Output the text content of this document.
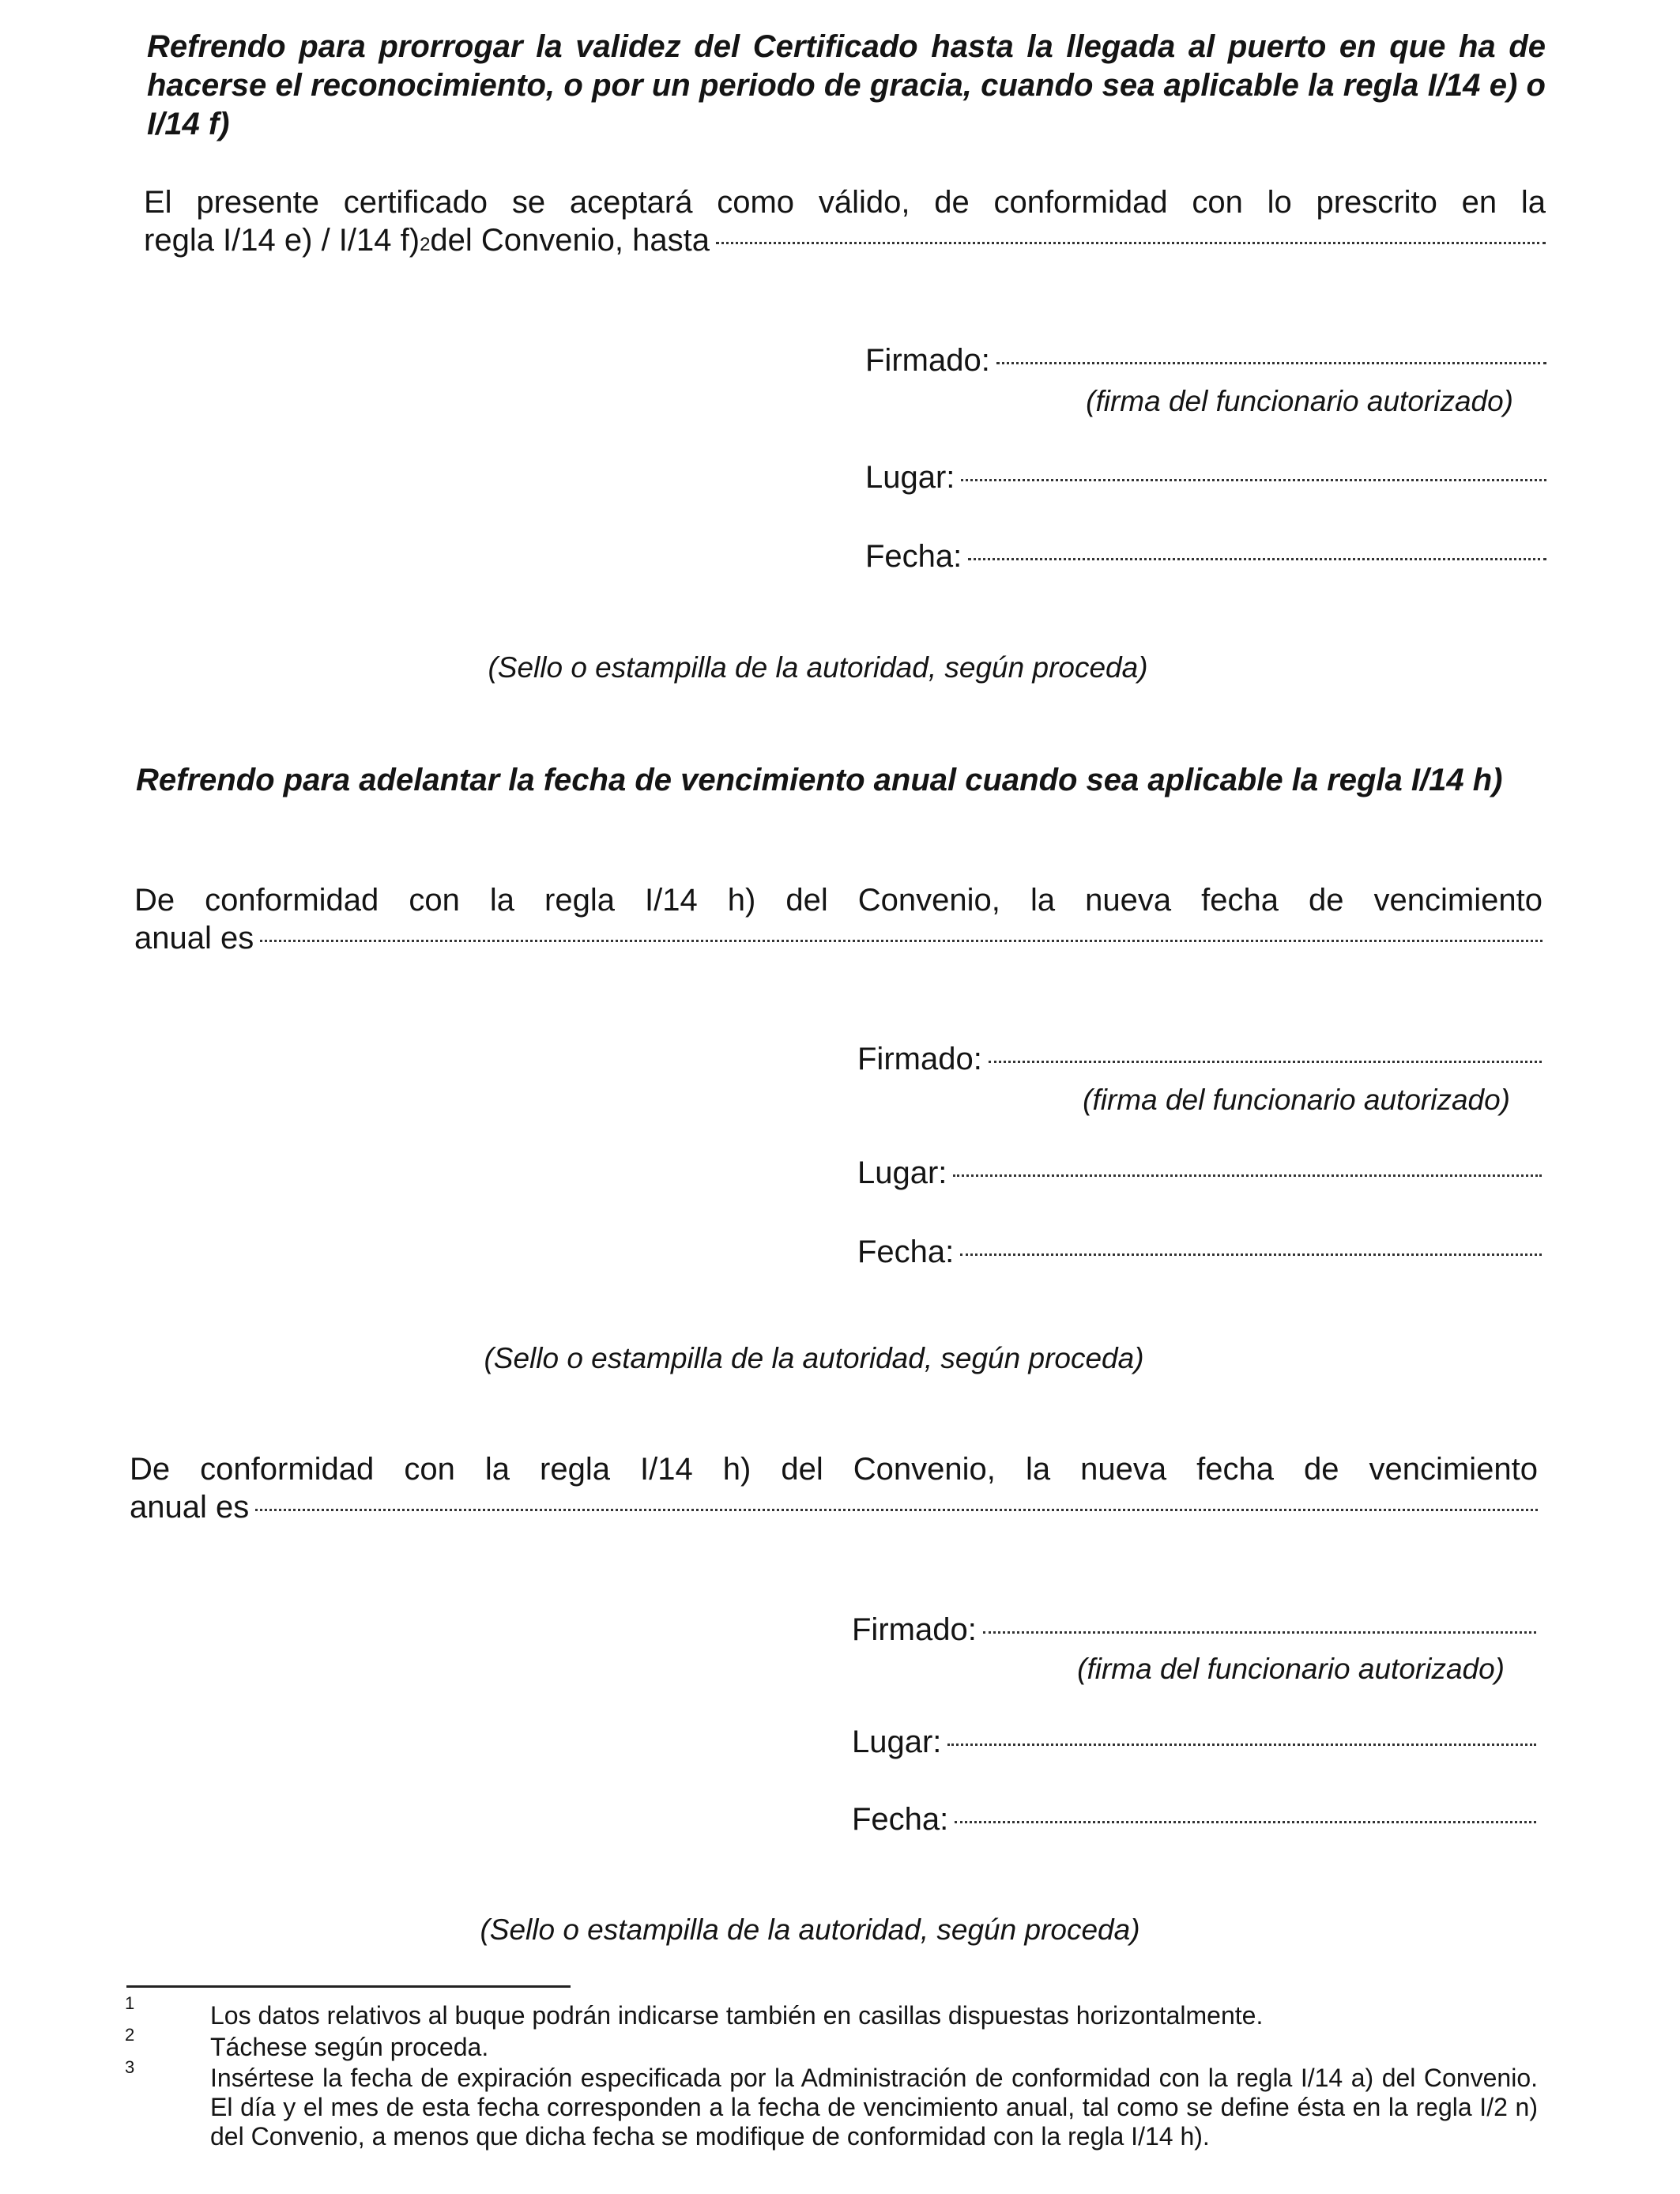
Refrendo para prorrogar la validez del Certificado hasta la llegada al puerto en que ha de hacerse el reconocimiento, o por un periodo de gracia, cuando sea aplicable la regla I/14 e) o I/14 f)
El presente certificado se aceptará como válido, de conformidad con lo prescrito en la
regla I/14 e) / I/14 f) 2 del Convenio, hasta
Firmado:
(firma del funcionario autorizado)
Lugar:
Fecha:
(Sello o estampilla de la autoridad, según proceda)
Refrendo para adelantar la fecha de vencimiento anual cuando sea aplicable la regla I/14 h)
De conformidad con la regla I/14 h) del Convenio, la nueva fecha de vencimiento
anual es
Firmado:
(firma del funcionario autorizado)
Lugar:
Fecha:
(Sello o estampilla de la autoridad, según proceda)
De conformidad con la regla I/14 h) del Convenio, la nueva fecha de vencimiento
anual es
Firmado:
(firma del funcionario autorizado)
Lugar:
Fecha:
(Sello o estampilla de la autoridad, según proceda)
1	Los datos relativos al buque podrán indicarse también en casillas dispuestas horizontalmente.
2	Táchese según proceda.
3	Insértese la fecha de expiración especificada por la Administración de conformidad con la regla I/14 a) del Convenio. El día y el mes de esta fecha corresponden a la fecha de vencimiento anual, tal como se define ésta en la regla I/2 n) del Convenio, a menos que dicha fecha se modifique de conformidad con la regla I/14 h).
